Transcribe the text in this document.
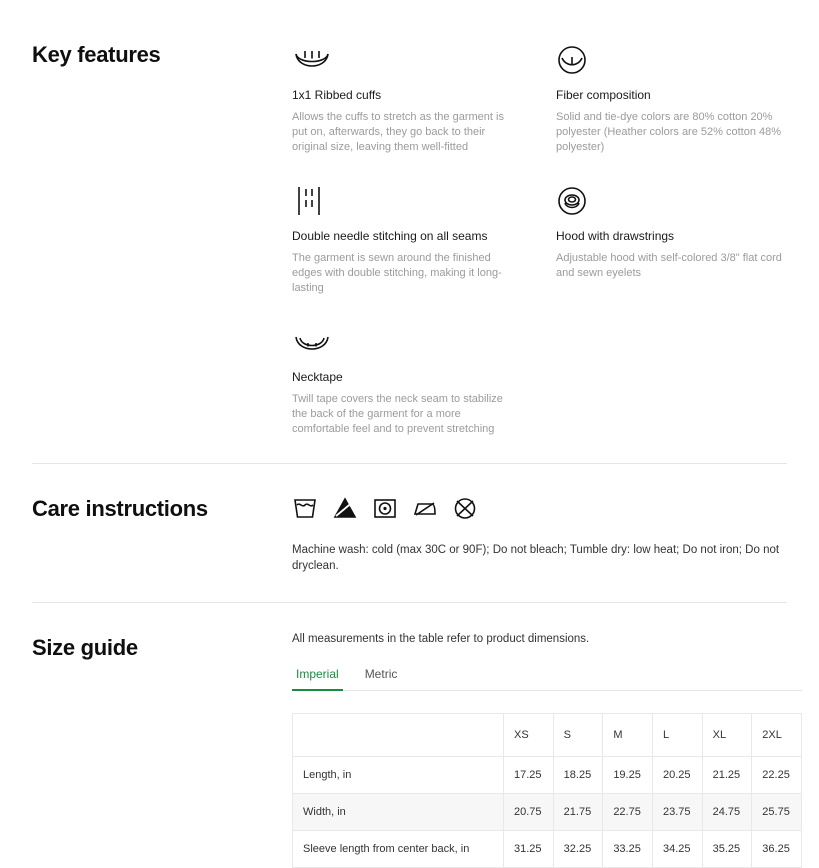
Key features
1x1 Ribbed cuffs
Allows the cuffs to stretch as the garment is put on, afterwards, they go back to their original size, leaving them well-fitted
Fiber composition
Solid and tie-dye colors are 80% cotton 20% polyester (Heather colors are 52% cotton 48% polyester)
Double needle stitching on all seams
The garment is sewn around the finished edges with double stitching, making it long-lasting
Hood with drawstrings
Adjustable hood with self-colored 3/8" flat cord and sewn eyelets
Necktape
Twill tape covers the neck seam to stabilize the back of the garment for a more comfortable feel and to prevent stretching
Care instructions
Machine wash: cold (max 30C or 90F); Do not bleach; Tumble dry: low heat; Do not iron; Do not dryclean.
Size guide	All measurements in the table refer to product dimensions.
Imperial	Metric
	XS	S	M	L	XL	2XL
Length, in	17.25	18.25	19.25	20.25	21.25	22.25
Width, in	20.75	21.75	22.75	23.75	24.75	25.75
Sleeve length from center back, in	31.25	32.25	33.25	34.25	35.25	36.25
